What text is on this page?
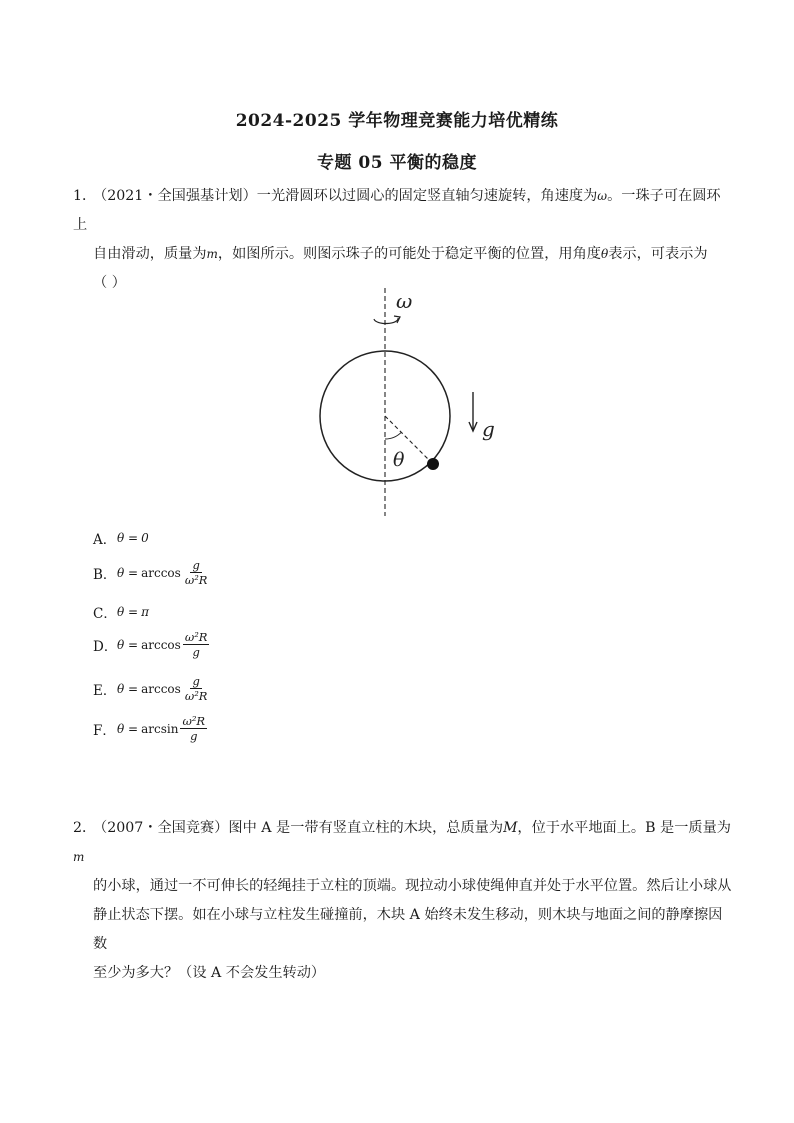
2024-2025 学年物理竞赛能力培优精练
专题 05 平衡的稳度

1．（2021・全国强基计划）一光滑圆环以过圆心的固定竖直轴匀速旋转，角速度为ω。一珠子可在圆环上

自由滑动，质量为m，如图所示。则图示珠子的可能处于稳定平衡的位置，用角度θ表示，可表示为

（ ）

ω
θ
g
A． θ = 0
B． $\theta = \arccos \frac{g}{\text{ω²R}}$
C． θ = π
D． $\theta = \arccos \frac{\text{ω²R}}{g}$
E． $\theta = \arccos \frac{g}{\text{ω²R}}$
F． $\theta = \arcsin \frac{\text{ω²R}}{g}$

2．（2007・全国竞赛）图中 A 是一带有竖直立柱的木块，总质量为M，位于水平地面上。B 是一质量为m

的小球，通过一不可伸长的轻绳挂于立柱的顶端。现拉动小球使绳伸直并处于水平位置。然后让小球从

静止状态下摆。如在小球与立柱发生碰撞前，木块 A 始终未发生移动，则木块与地面之间的静摩擦因数

至少为多大？（设 A 不会发生转动）
